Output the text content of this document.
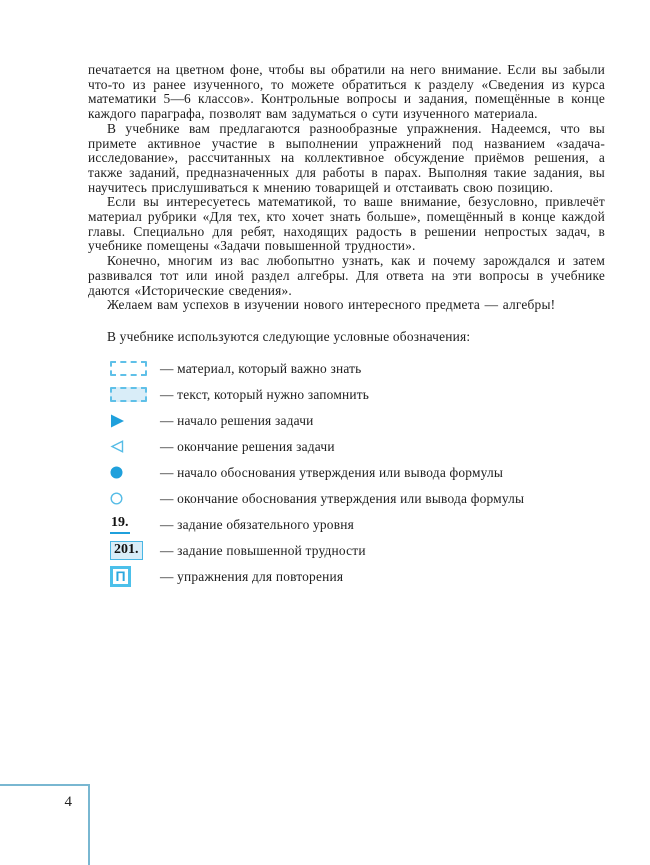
печатается на цветном фоне, чтобы вы обратили на него внимание. Если вы забыли что-то из ранее изученного, то можете обратиться к разделу «Сведения из курса математики 5—6 классов». Контрольные вопросы и задания, помещённые в конце каждого параграфа, позволят вам задуматься о сути изученного материала.

В учебнике вам предлагаются разнообразные упражнения. Надеемся, что вы примете активное участие в выполнении упражнений под названием «задача-исследование», рассчитанных на коллективное обсуждение приёмов решения, а также заданий, предназначенных для работы в парах. Выполняя такие задания, вы научитесь прислушиваться к мнению товарищей и отстаивать свою позицию.

Если вы интересуетесь математикой, то ваше внимание, безусловно, привлечёт материал рубрики «Для тех, кто хочет знать больше», помещённый в конце каждой главы. Специально для ребят, находящих радость в решении непростых задач, в учебнике помещены «Задачи повышенной трудности».

Конечно, многим из вас любопытно узнать, как и почему зарождался и затем развивался тот или иной раздел алгебры. Для ответа на эти вопросы в учебнике даются «Исторические сведения».

Желаем вам успехов в изучении нового интересного предмета — алгебры!

В учебнике используются следующие условные обозначения:

— материал, который важно знать
— текст, который нужно запомнить
— начало решения задачи
— окончание решения задачи
— начало обоснования утверждения или вывода формулы
— окончание обоснования утверждения или вывода формулы
19. — задание обязательного уровня
201. — задание повышенной трудности
П	— упражнения для повторения
4
